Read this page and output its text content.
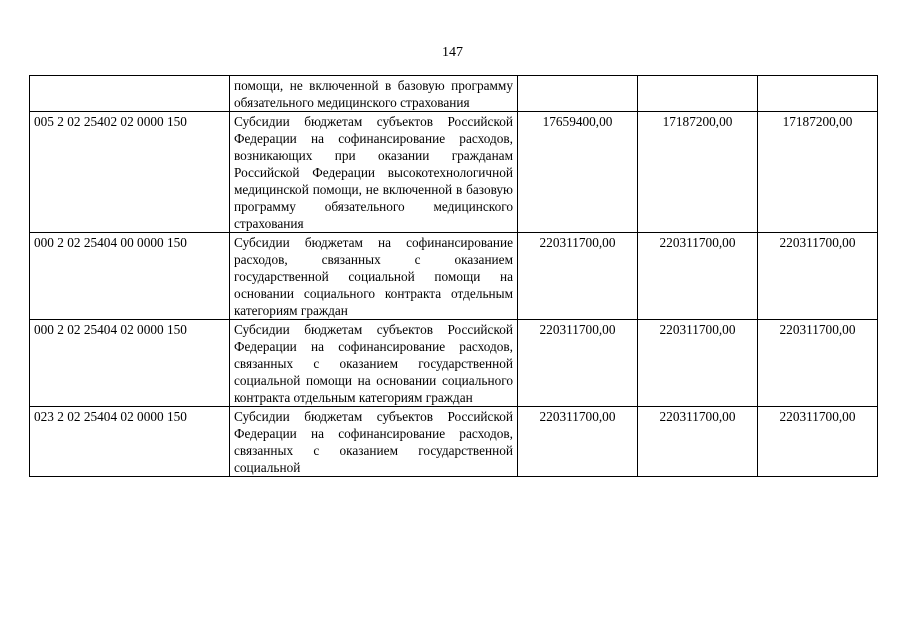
147
	помощи, не включенной в базовую программу обязательного медицинского страхования			
005 2 02 25402 02 0000 150	Субсидии бюджетам субъектов Российской Федерации на софинансирование расходов, возникающих при оказании гражданам Российской Федерации высокотехнологичной медицинской помощи, не включенной в базовую программу обязательного медицинского страхования	17659400,00	17187200,00	17187200,00
000 2 02 25404 00 0000 150	Субсидии бюджетам на софинансирование расходов, связанных с оказанием государственной социальной помощи на основании социального контракта отдельным категориям граждан	220311700,00	220311700,00	220311700,00
000 2 02 25404 02 0000 150	Субсидии бюджетам субъектов Российской Федерации на софинансирование расходов, связанных с оказанием государственной социальной помощи на основании социального контракта отдельным категориям граждан	220311700,00	220311700,00	220311700,00
023 2 02 25404 02 0000 150	Субсидии бюджетам субъектов Российской Федерации на софинансирование расходов, связанных с оказанием государственной социальной	220311700,00	220311700,00	220311700,00
